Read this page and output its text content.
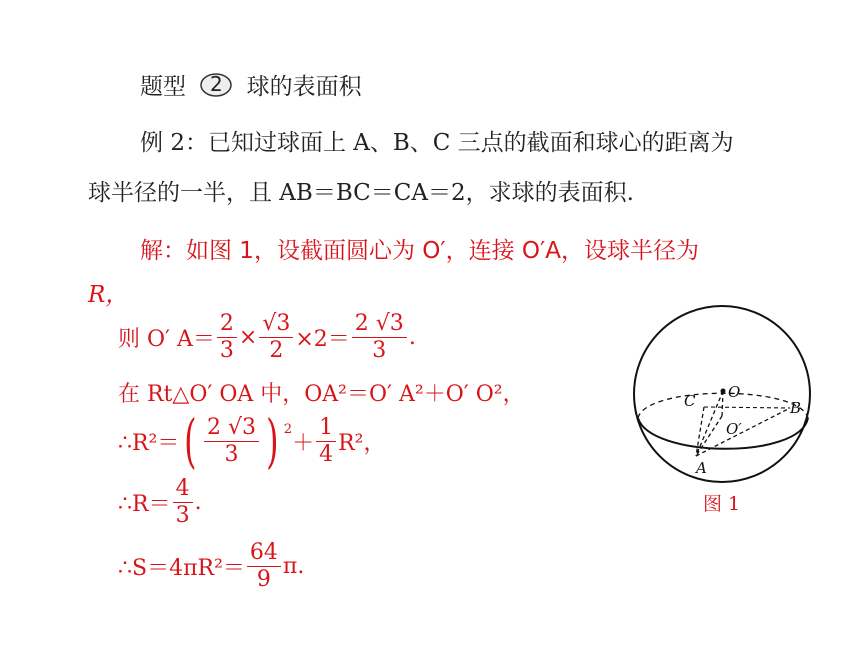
题型	2	球的表面积
例 2：已知过球面上 A、B、C 三点的截面和球心的距离为
球半径的一半，且 AB＝BC＝CA＝2，求球的表面积.
解：如图 1，设截面圆心为 O′，连接 O′A，设球半径为
R，
则 O′ $A= \frac{2}{3} \times \frac{√3}{2} \times 2= \frac{2 √3}{3}$ .
在 Rt△O′ OA 中，OA²＝O′ A²＋O′ O²，
∴R²＝ ( $\frac{2 √3}{3}$ ) $^2$
＋ $\frac{1}{4} R^2$，
∴R＝ $\frac{4}{3}$ .
∴S＝4πR²＝ $\frac{64}{9} \pi$.
O
C	B
O′
A
图 1
